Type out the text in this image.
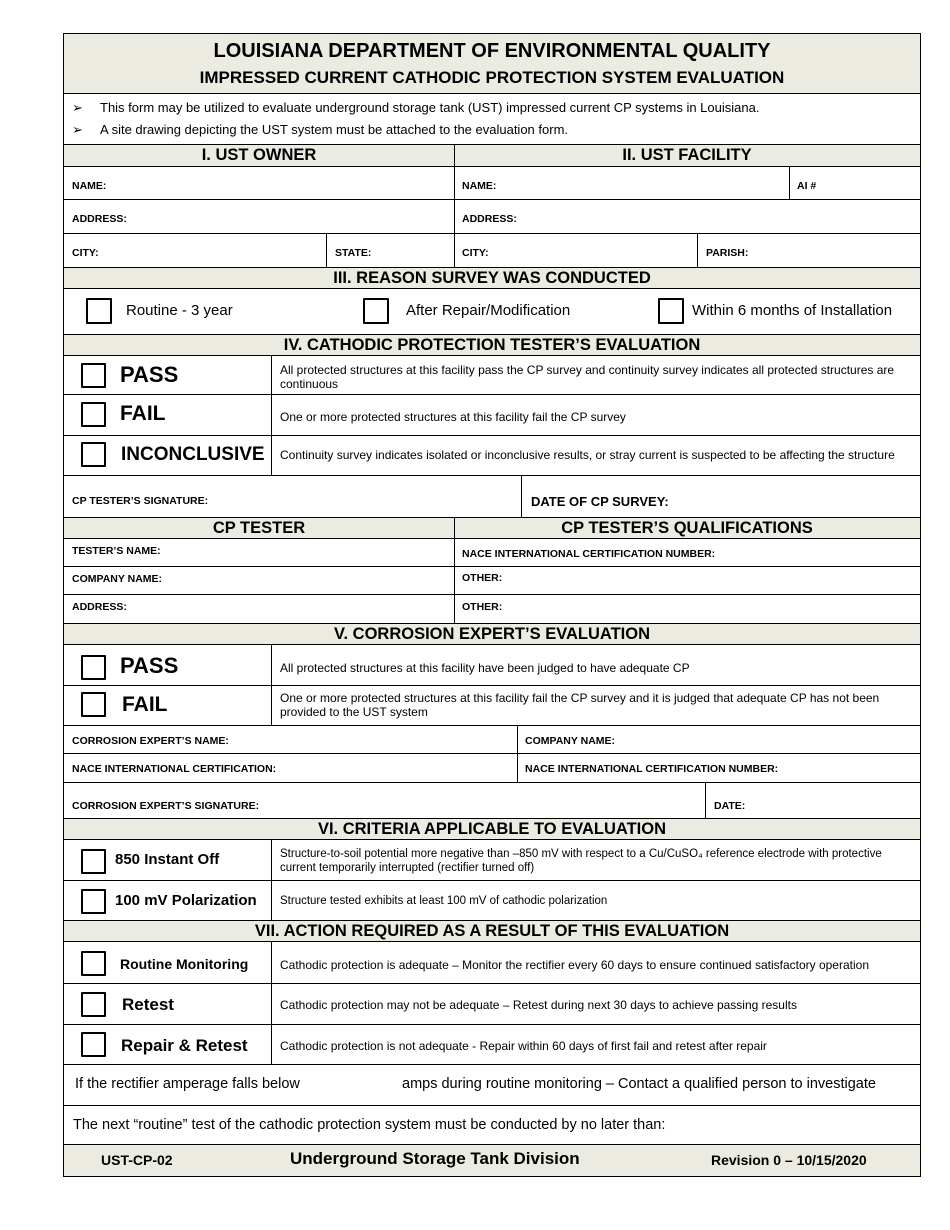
LOUISIANA DEPARTMENT OF ENVIRONMENTAL QUALITY
IMPRESSED CURRENT CATHODIC PROTECTION SYSTEM EVALUATION
➢ This form may be utilized to evaluate underground storage tank (UST) impressed current CP systems in Louisiana.
➢ A site drawing depicting the UST system must be attached to the evaluation form.
I. UST OWNER	II. UST FACILITY
NAME:	NAME:	AI #
ADDRESS:	ADDRESS:
CITY:	STATE:	CITY:	PARISH:
III. REASON SURVEY WAS CONDUCTED
Routine - 3 year	After Repair/Modification	Within 6 months of Installation
IV. CATHODIC PROTECTION TESTER’S EVALUATION
PASS	All protected structures at this facility pass the CP survey and continuity survey indicates all protected structures are continuous
FAIL	One or more protected structures at this facility fail the CP survey
INCONCLUSIVE Continuity survey indicates isolated or inconclusive results, or stray current is suspected to be affecting the structure
CP TESTER’S SIGNATURE:	DATE OF CP SURVEY:
CP TESTER	CP TESTER’S QUALIFICATIONS
TESTER’S NAME:	NACE INTERNATIONAL CERTIFICATION NUMBER:
COMPANY NAME:	OTHER:
ADDRESS:	OTHER:
V. CORROSION EXPERT’S EVALUATION
PASS	All protected structures at this facility have been judged to have adequate CP
FAIL	One or more protected structures at this facility fail the CP survey and it is judged that adequate CP has not been provided to the UST system
CORROSION EXPERT’S NAME:	COMPANY NAME:
NACE INTERNATIONAL CERTIFICATION:	NACE INTERNATIONAL CERTIFICATION NUMBER:
CORROSION EXPERT’S SIGNATURE:	DATE:
VI. CRITERIA APPLICABLE TO EVALUATION
850 Instant Off	Structure-to-soil potential more negative than –850 mV with respect to a Cu/CuSO₄ reference electrode with protective current temporarily interrupted (rectifier turned off)
100 mV Polarization Structure tested exhibits at least 100 mV of cathodic polarization
VII. ACTION REQUIRED AS A RESULT OF THIS EVALUATION
Routine Monitoring	Cathodic protection is adequate – Monitor the rectifier every 60 days to ensure continued satisfactory operation
Retest	Cathodic protection may not be adequate – Retest during next 30 days to achieve passing results
Repair & Retest	Cathodic protection is not adequate - Repair within 60 days of first fail and retest after repair
If the rectifier amperage falls below	amps during routine monitoring – Contact a qualified person to investigate
The next “routine” test of the cathodic protection system must be conducted by no later than:
UST-CP-02	Underground Storage Tank Division	Revision 0 – 10/15/2020
